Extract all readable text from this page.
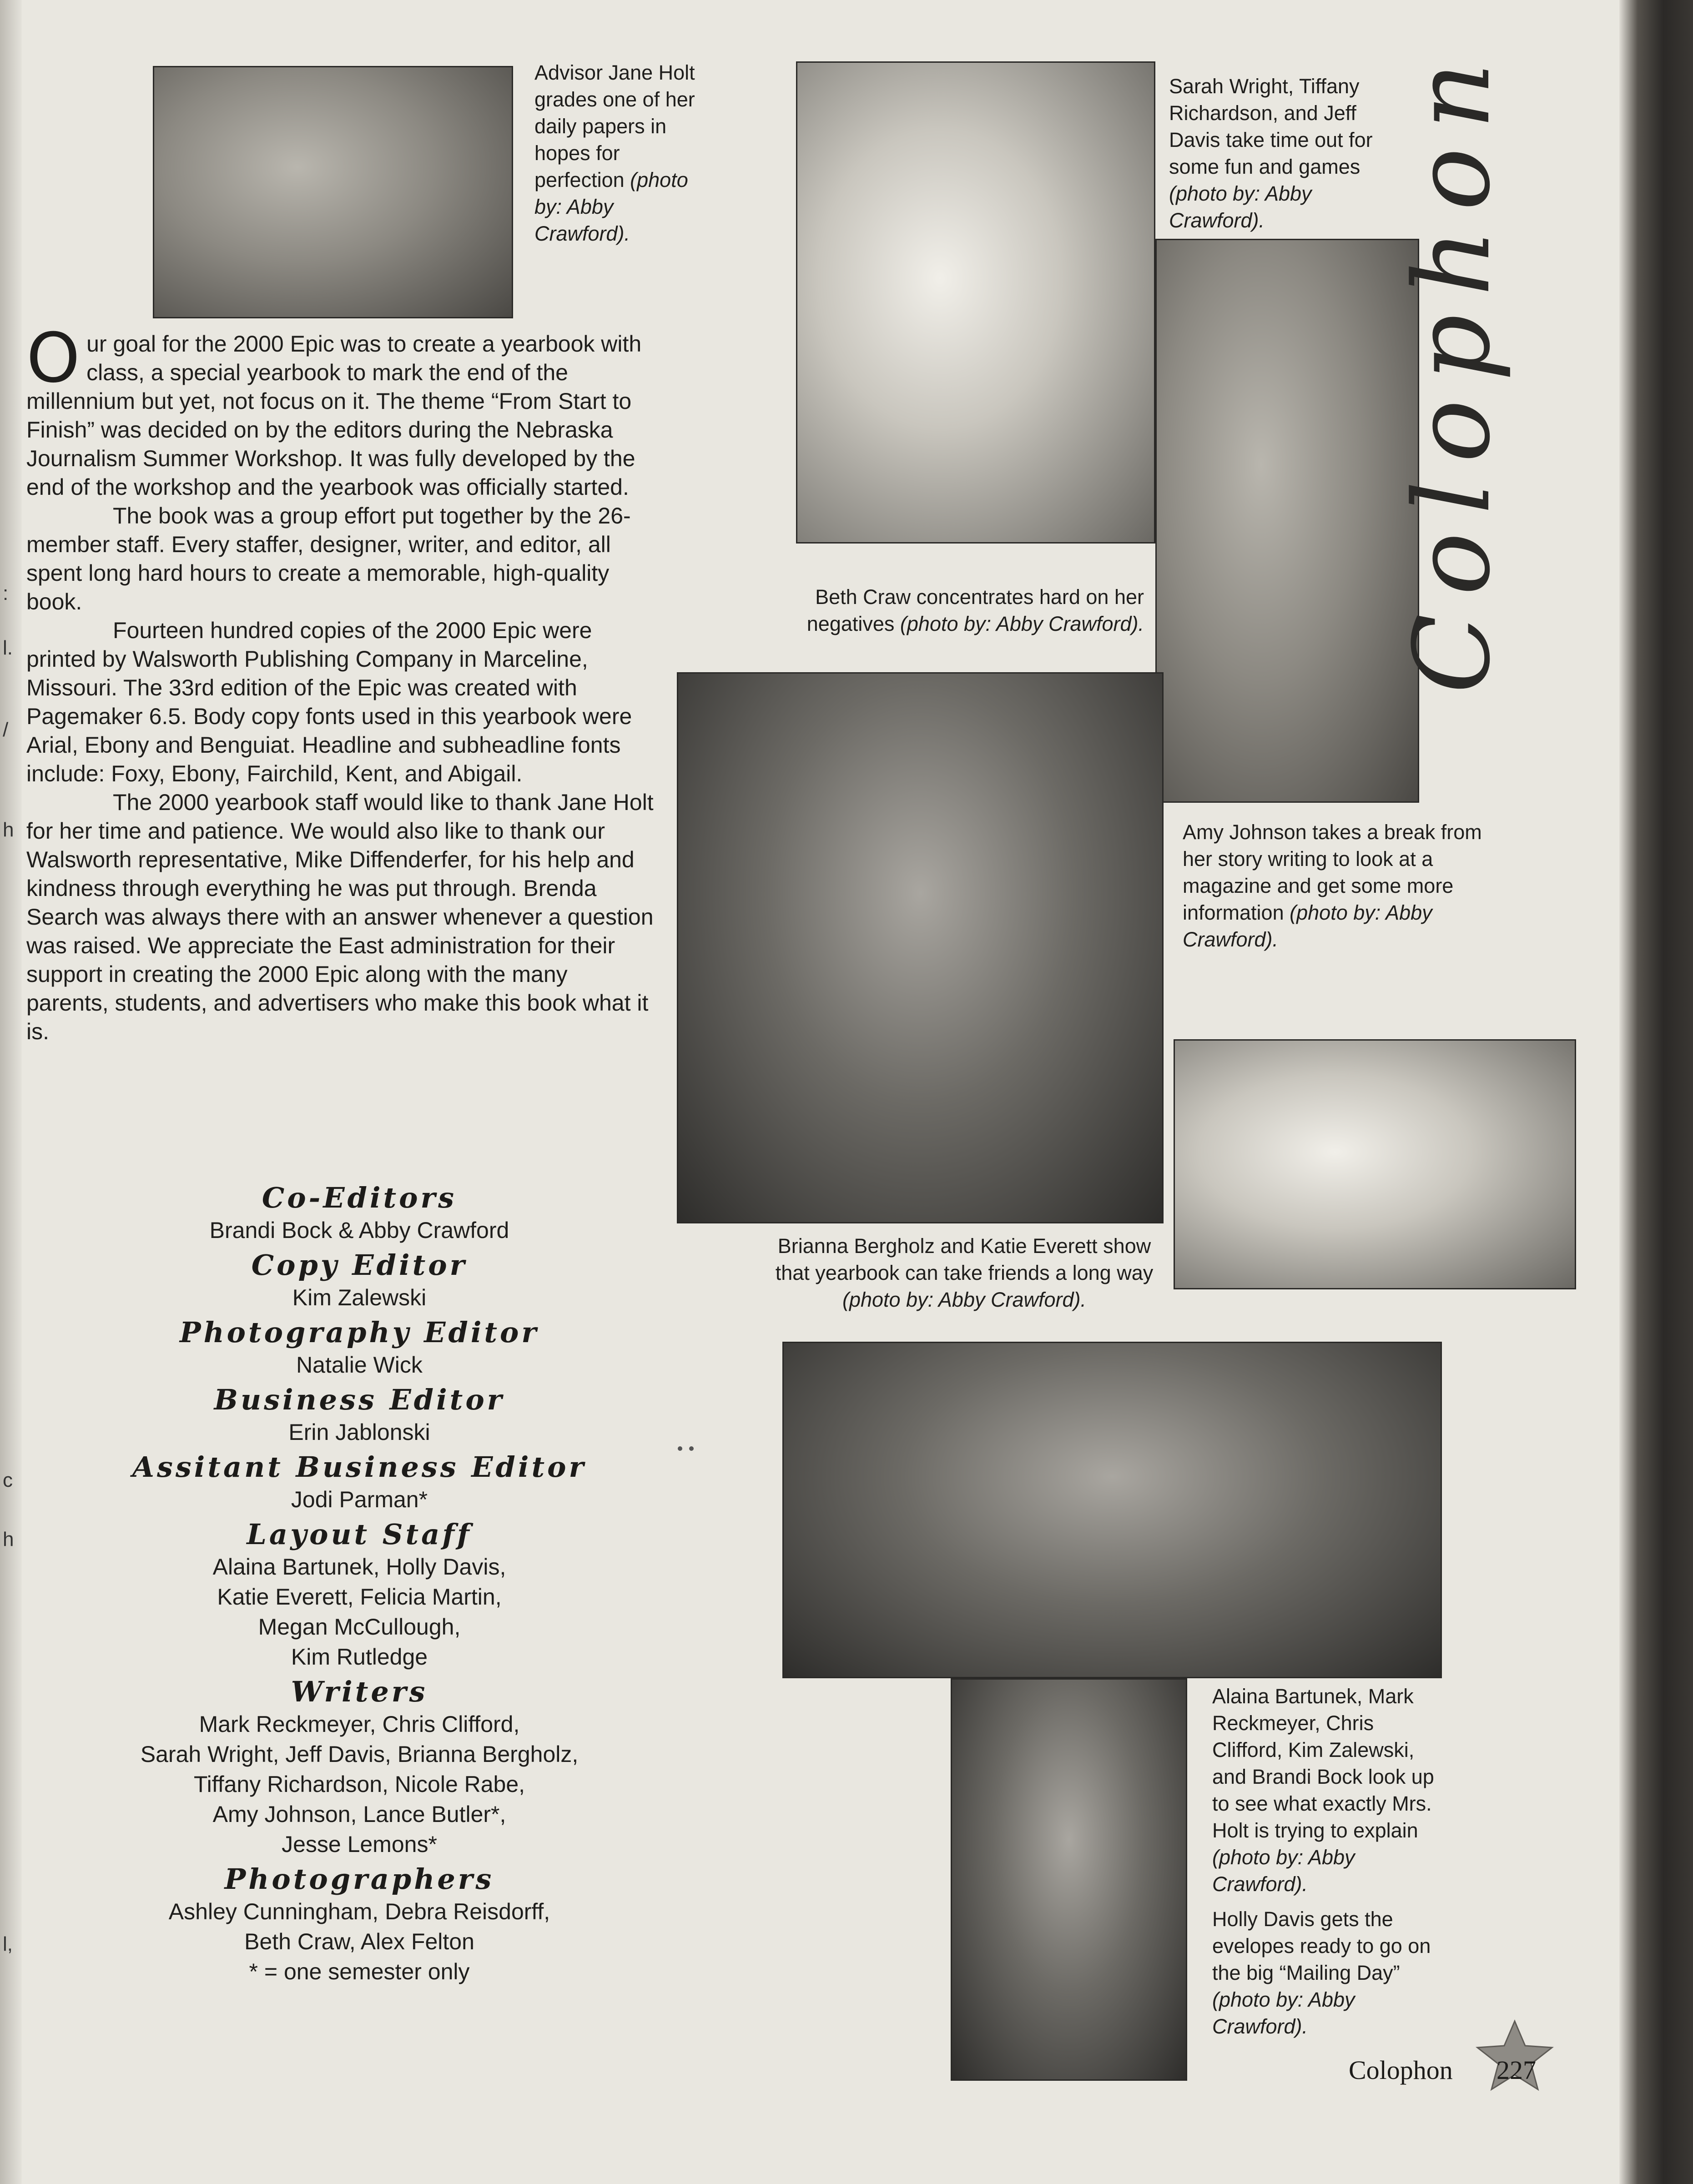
:
l.
/
h
c
h
l,
Advisor Jane Holt grades one of her daily papers in hopes for perfection (photo by: Abby Crawford).
Sarah Wright, Tiffany Richardson, and Jeff Davis take time out for some fun and games (photo by: Abby Crawford).
Beth Craw concentrates hard on her negatives (photo by: Abby Crawford).
Amy Johnson takes a break from her story writing to look at a magazine and get some more information (photo by: Abby Crawford).
Brianna Bergholz and Katie Everett show that yearbook can take friends a long way (photo by: Abby Crawford).
Alaina Bartunek, Mark Reckmeyer, Chris Clifford, Kim Zalewski, and Brandi Bock look up to see what exactly Mrs. Holt is trying to explain (photo by: Abby Crawford).
Holly Davis gets the evelopes ready to go on the big “Mailing Day” (photo by: Abby Crawford).

Our goal for the 2000 Epic was to create a yearbook with class, a special yearbook to mark the end of the millennium but yet, not focus on it. The theme “From Start to Finish” was decided on by the editors during the Nebraska Journalism Summer Workshop. It was fully developed by the end of the workshop and the yearbook was officially started.

The book was a group effort put together by the 26-member staff. Every staffer, designer, writer, and editor, all spent long hard hours to create a memorable, high-quality book.

Fourteen hundred copies of the 2000 Epic were printed by Walsworth Publishing Company in Marceline, Missouri. The 33rd edition of the Epic was created with Pagemaker 6.5. Body copy fonts used in this yearbook were Arial, Ebony and Benguiat. Headline and subheadline fonts include: Foxy, Ebony, Fairchild, Kent, and Abigail.

The 2000 yearbook staff would like to thank Jane Holt for her time and patience. We would also like to thank our Walsworth representative, Mike Diffenderfer, for his help and kindness through everything he was put through. Brenda Search was always there with an answer whenever a question was raised. We appreciate the East administration for their support in creating the 2000 Epic along with the many parents, students, and advertisers who make this book what it is.

Co-Editors
Brandi Bock & Abby Crawford
Copy Editor
Kim Zalewski
Photography Editor
Natalie Wick
Business Editor
Erin Jablonski
Assitant Business Editor
Jodi Parman*
Layout Staff
Alaina Bartunek, Holly Davis,
Katie Everett, Felicia Martin,
Megan McCullough,
Kim Rutledge
Writers
Mark Reckmeyer, Chris Clifford,
Sarah Wright, Jeff Davis, Brianna Bergholz,
Tiffany Richardson, Nicole Rabe,
Amy Johnson, Lance Butler*,
Jesse Lemons*
Photographers
Ashley Cunningham, Debra Reisdorff,
Beth Craw, Alex Felton
* = one semester only
Colophon
Colophon 227
